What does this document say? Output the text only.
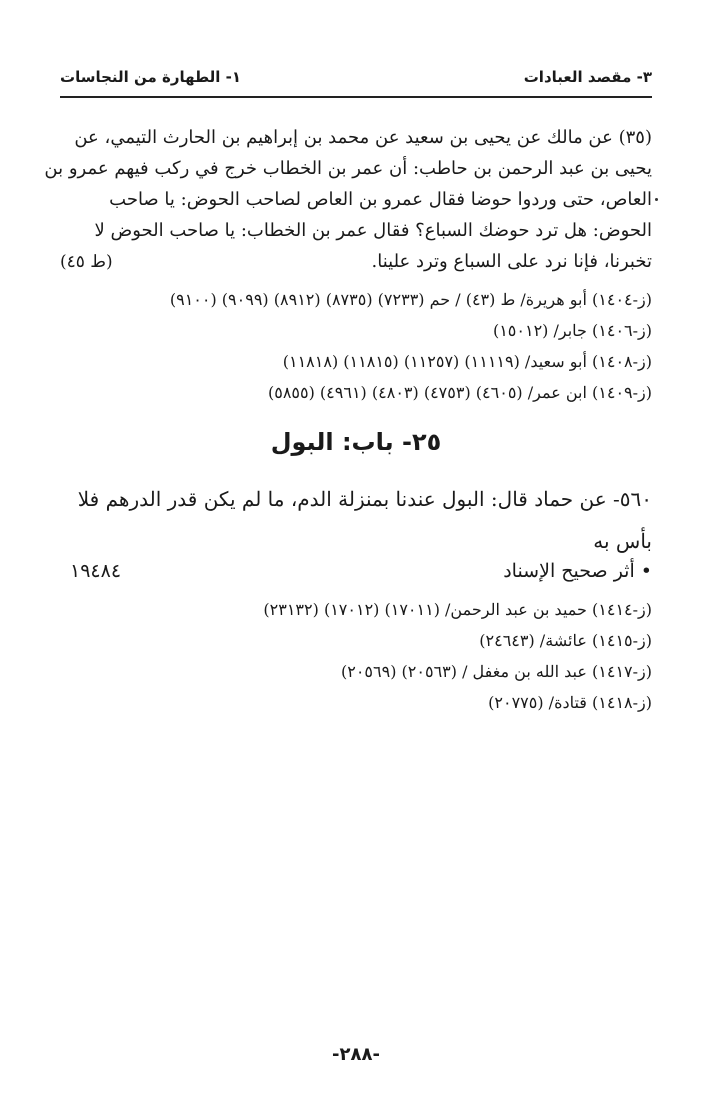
٣- مقصد العبادات
١- الطهارة من النجاسات
(٣٥) عن مالك عن يحيى بن سعيد عن محمد بن إبراهيم بن الحارث التيمي، عن
يحيى بن عبد الرحمن بن حاطب: أن عمر بن الخطاب خرج في ركب فيهم عمرو بن
العاص، حتى وردوا حوضا فقال عمرو بن العاص لصاحب الحوض: يا صاحب
الحوض: هل ترد حوضك السباع؟ فقال عمر بن الخطاب: يا صاحب الحوض لا
تخبرنا، فإنا نرد على السباع وترد علينا.
(ط ٤٥)
(ز-١٤٠٤) أبو هريرة/ ط (٤٣) / حم (٧٢٣٣) (٨٧٣٥) (٨٩١٢) (٩٠٩٩) (٩١٠٠)
(ز-١٤٠٦) جابر/ (١٥٠١٢)
(ز-١٤٠٨) أبو سعيد/ (١١١١٩) (١١٢٥٧) (١١٨١٥) (١١٨١٨)
(ز-١٤٠٩) ابن عمر/ (٤٦٠٥) (٤٧٥٣) (٤٨٠٣) (٤٩٦١) (٥٨٥٥)
٢٥- باب: البول
٥٦٠- عن حماد قال: البول عندنا بمنزلة الدم، ما لم يكن قدر الدرهم فلا
بأس به
• أثر صحيح الإسناد
١٩٤٨٤
(ز-١٤١٤) حميد بن عبد الرحمن/ (١٧٠١١) (١٧٠١٢) (٢٣١٣٢)
(ز-١٤١٥) عائشة/ (٢٤٦٤٣)
(ز-١٤١٧) عبد الله بن مغفل / (٢٠٥٦٣) (٢٠٥٦٩)
(ز-١٤١٨) قتادة/ (٢٠٧٧٥)
-٢٨٨-
